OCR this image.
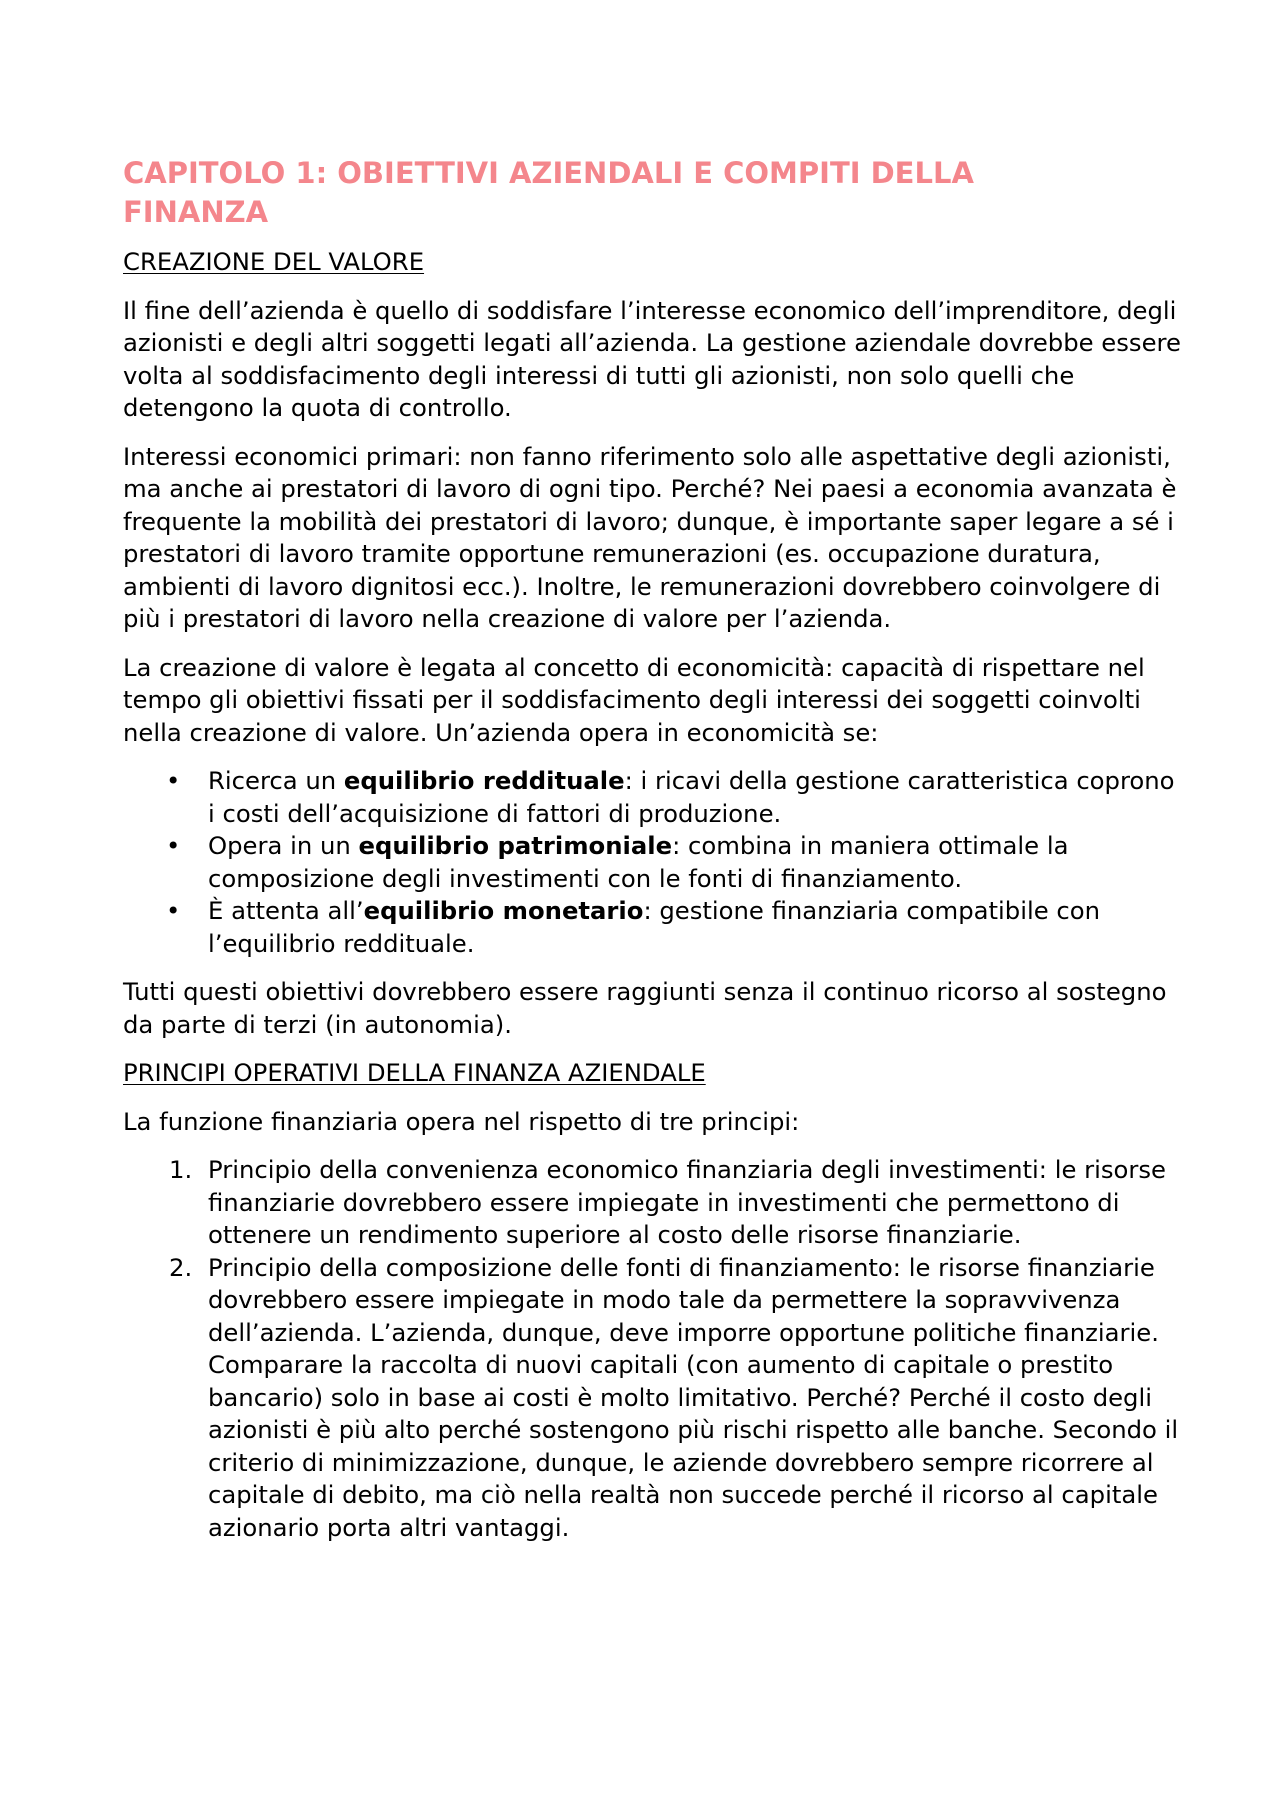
CAPITOLO 1: OBIETTIVI AZIENDALI E COMPITI DELLA FINANZA
CREAZIONE DEL VALORE

Il fine dell’azienda è quello di soddisfare l’interesse economico dell’imprenditore, degli azionisti e degli altri soggetti legati all’azienda. La gestione aziendale dovrebbe essere volta al soddisfacimento degli interessi di tutti gli azionisti, non solo quelli che detengono la quota di controllo.

Interessi economici primari: non fanno riferimento solo alle aspettative degli azionisti, ma anche ai prestatori di lavoro di ogni tipo. Perché? Nei paesi a economia avanzata è frequente la mobilità dei prestatori di lavoro; dunque, è importante saper legare a sé i prestatori di lavoro tramite opportune remunerazioni (es. occupazione duratura, ambienti di lavoro dignitosi ecc.). Inoltre, le remunerazioni dovrebbero coinvolgere di più i prestatori di lavoro nella creazione di valore per l’azienda.

La creazione di valore è legata al concetto di economicità: capacità di rispettare nel tempo gli obiettivi fissati per il soddisfacimento degli interessi dei soggetti coinvolti nella creazione di valore. Un’azienda opera in economicità se:

• Ricerca un equilibrio reddituale: i ricavi della gestione caratteristica coprono i costi dell’acquisizione di fattori di produzione.
• Opera in un equilibrio patrimoniale: combina in maniera ottimale la composizione degli investimenti con le fonti di finanziamento.
• È attenta all’equilibrio monetario: gestione finanziaria compatibile con l’equilibrio reddituale.

Tutti questi obiettivi dovrebbero essere raggiunti senza il continuo ricorso al sostegno da parte di terzi (in autonomia).

PRINCIPI OPERATIVI DELLA FINANZA AZIENDALE

La funzione finanziaria opera nel rispetto di tre principi:

1. Principio della convenienza economico finanziaria degli investimenti: le risorse finanziarie dovrebbero essere impiegate in investimenti che permettono di ottenere un rendimento superiore al costo delle risorse finanziarie.
2. Principio della composizione delle fonti di finanziamento: le risorse finanziarie dovrebbero essere impiegate in modo tale da permettere la sopravvivenza dell’azienda. L’azienda, dunque, deve imporre opportune politiche finanziarie. Comparare la raccolta di nuovi capitali (con aumento di capitale o prestito bancario) solo in base ai costi è molto limitativo. Perché? Perché il costo degli azionisti è più alto perché sostengono più rischi rispetto alle banche. Secondo il criterio di minimizzazione, dunque, le aziende dovrebbero sempre ricorrere al capitale di debito, ma ciò nella realtà non succede perché il ricorso al capitale azionario porta altri vantaggi.
